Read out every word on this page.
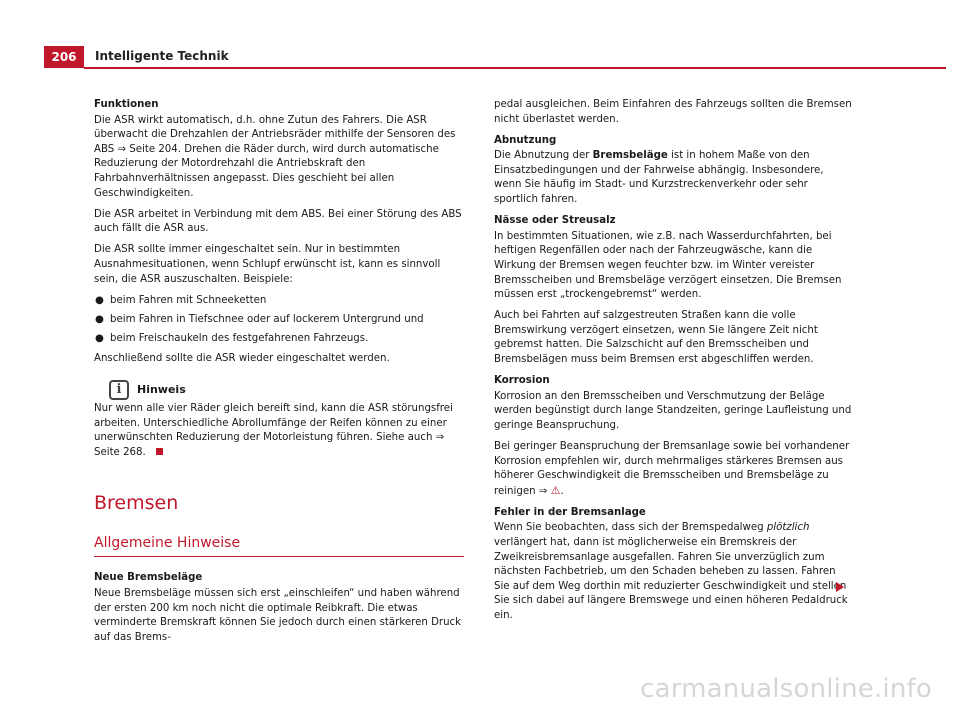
206	Intelligente Technik

Funktionen

Die ASR wirkt automatisch, d.h. ohne Zutun des Fahrers. Die ASR überwacht die Drehzahlen der Antriebsräder mithilfe der Sensoren des ABS ⇒ Seite 204. Drehen die Räder durch, wird durch automatische Reduzierung der Motordrehzahl die Antriebskraft den Fahrbahnverhältnissen angepasst. Dies geschieht bei allen Geschwindigkeiten.

Die ASR arbeitet in Verbindung mit dem ABS. Bei einer Störung des ABS auch fällt die ASR aus.

Die ASR sollte immer eingeschaltet sein. Nur in bestimmten Ausnahmesituationen, wenn Schlupf erwünscht ist, kann es sinnvoll sein, die ASR auszuschalten. Beispiele:

● beim Fahren mit Schneeketten
● beim Fahren in Tiefschnee oder auf lockerem Untergrund und
● beim Freischaukeln des festgefahrenen Fahrzeugs.

Anschließend sollte die ASR wieder eingeschaltet werden.

i	Hinweis

Nur wenn alle vier Räder gleich bereift sind, kann die ASR störungsfrei arbeiten. Unterschiedliche Abrollumfänge der Reifen können zu einer unerwünschten Reduzierung der Motorleistung führen. Siehe auch ⇒ Seite 268.

Bremsen
Allgemeine Hinweise

Neue Bremsbeläge

Neue Bremsbeläge müssen sich erst „einschleifen“ und haben während der ersten 200 km noch nicht die optimale Reibkraft. Die etwas verminderte Bremskraft können Sie jedoch durch einen stärkeren Druck auf das Brems-

pedal ausgleichen. Beim Einfahren des Fahrzeugs sollten die Bremsen nicht überlastet werden.

Abnutzung

Die Abnutzung der Bremsbeläge ist in hohem Maße von den Einsatzbedingungen und der Fahrweise abhängig. Insbesondere, wenn Sie häufig im Stadt- und Kurzstreckenverkehr oder sehr sportlich fahren.

Nässe oder Streusalz

In bestimmten Situationen, wie z.B. nach Wasserdurchfahrten, bei heftigen Regenfällen oder nach der Fahrzeugwäsche, kann die Wirkung der Bremsen wegen feuchter bzw. im Winter vereister Bremsscheiben und Bremsbeläge verzögert einsetzen. Die Bremsen müssen erst „trockengebremst“ werden.

Auch bei Fahrten auf salzgestreuten Straßen kann die volle Bremswirkung verzögert einsetzen, wenn Sie längere Zeit nicht gebremst hatten. Die Salzschicht auf den Bremsscheiben und Bremsbelägen muss beim Bremsen erst abgeschliffen werden.

Korrosion

Korrosion an den Bremsscheiben und Verschmutzung der Beläge werden begünstigt durch lange Standzeiten, geringe Laufleistung und geringe Beanspruchung.

Bei geringer Beanspruchung der Bremsanlage sowie bei vorhandener Korrosion empfehlen wir, durch mehrmaliges stärkeres Bremsen aus höherer Geschwindigkeit die Bremsscheiben und Bremsbeläge zu reinigen ⇒ ⚠.

Fehler in der Bremsanlage

Wenn Sie beobachten, dass sich der Bremspedalweg plötzlich verlängert hat, dann ist möglicherweise ein Bremskreis der Zweikreisbremsanlage ausgefallen. Fahren Sie unverzüglich zum nächsten Fachbetrieb, um den Schaden beheben zu lassen. Fahren Sie auf dem Weg dorthin mit reduzierter Geschwindigkeit und stellen Sie sich dabei auf längere Bremswege und einen höheren Pedaldruck ein.

carmanualsonline.info
